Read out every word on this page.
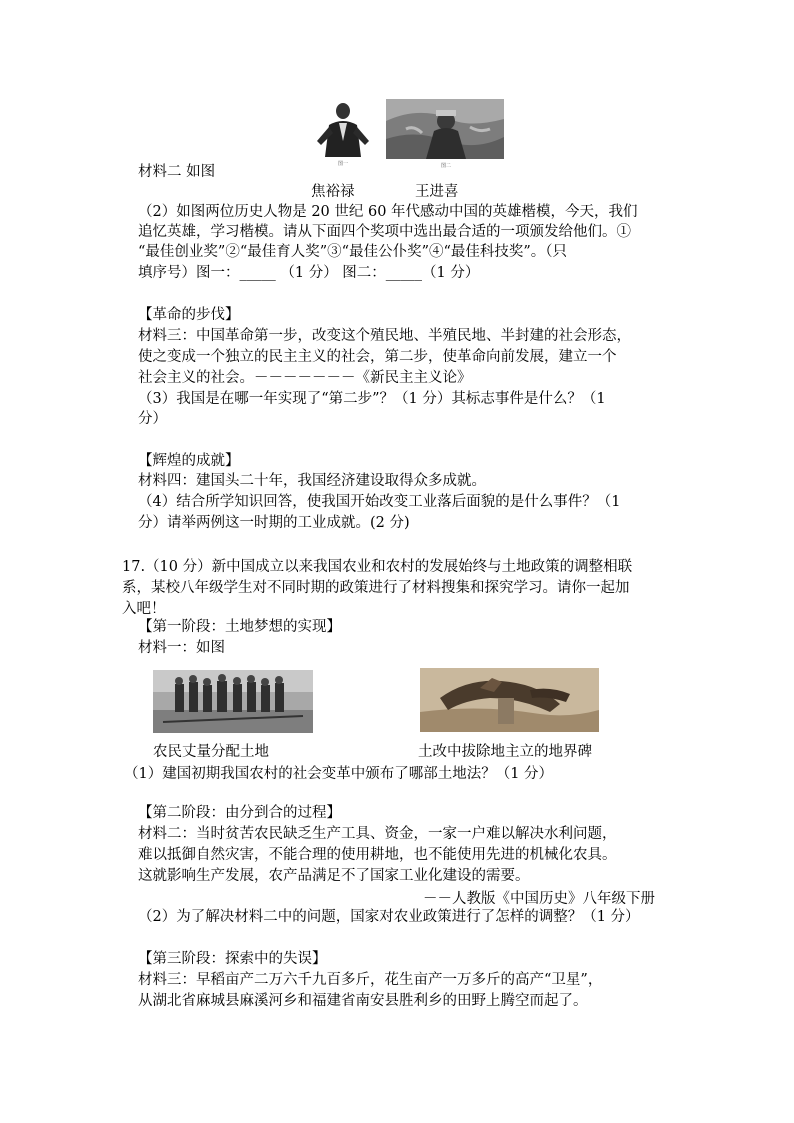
图一	图二
材料二 如图
焦裕禄	王进喜
（2）如图两位历史人物是 20 世纪 60 年代感动中国的英雄楷模，今天，我们
追忆英雄，学习楷模。请从下面四个奖项中选出最合适的一项颁发给他们。①
“最佳创业奖”②“最佳育人奖”③“最佳公仆奖”④“最佳科技奖”。（只
填序号）图一：_____ （1 分） 图二：_____（1 分）
【革命的步伐】
材料三：中国革命第一步，改变这个殖民地、半殖民地、半封建的社会形态，
使之变成一个独立的民主主义的社会，第二步，使革命向前发展，建立一个
社会主义的社会。－－－－－－－《新民主主义论》
（3）我国是在哪一年实现了“第二步”？（1 分）其标志事件是什么？（1
分）
【辉煌的成就】
材料四：建国头二十年，我国经济建设取得众多成就。
（4）结合所学知识回答，使我国开始改变工业落后面貌的是什么事件？（1
分）请举两例这一时期的工业成就。(2 分)
17.（10 分）新中国成立以来我国农业和农村的发展始终与土地政策的调整相联
系，某校八年级学生对不同时期的政策进行了材料搜集和探究学习。请你一起加
入吧！
【第一阶段：土地梦想的实现】
材料一：如图
农民丈量分配土地	土改中拔除地主立的地界碑
（1）建国初期我国农村的社会变革中颁布了哪部土地法？（1 分）
【第二阶段：由分到合的过程】
材料二：当时贫苦农民缺乏生产工具、资金，一家一户难以解决水利问题，
难以抵御自然灾害，不能合理的使用耕地，也不能使用先进的机械化农具。
这就影响生产发展，农产品满足不了国家工业化建设的需要。
－－人教版《中国历史》八年级下册
（2）为了解决材料二中的问题，国家对农业政策进行了怎样的调整？（1 分）
【第三阶段：探索中的失误】
材料三：早稻亩产二万六千九百多斤，花生亩产一万多斤的高产“卫星”，
从湖北省麻城县麻溪河乡和福建省南安县胜利乡的田野上腾空而起了。
